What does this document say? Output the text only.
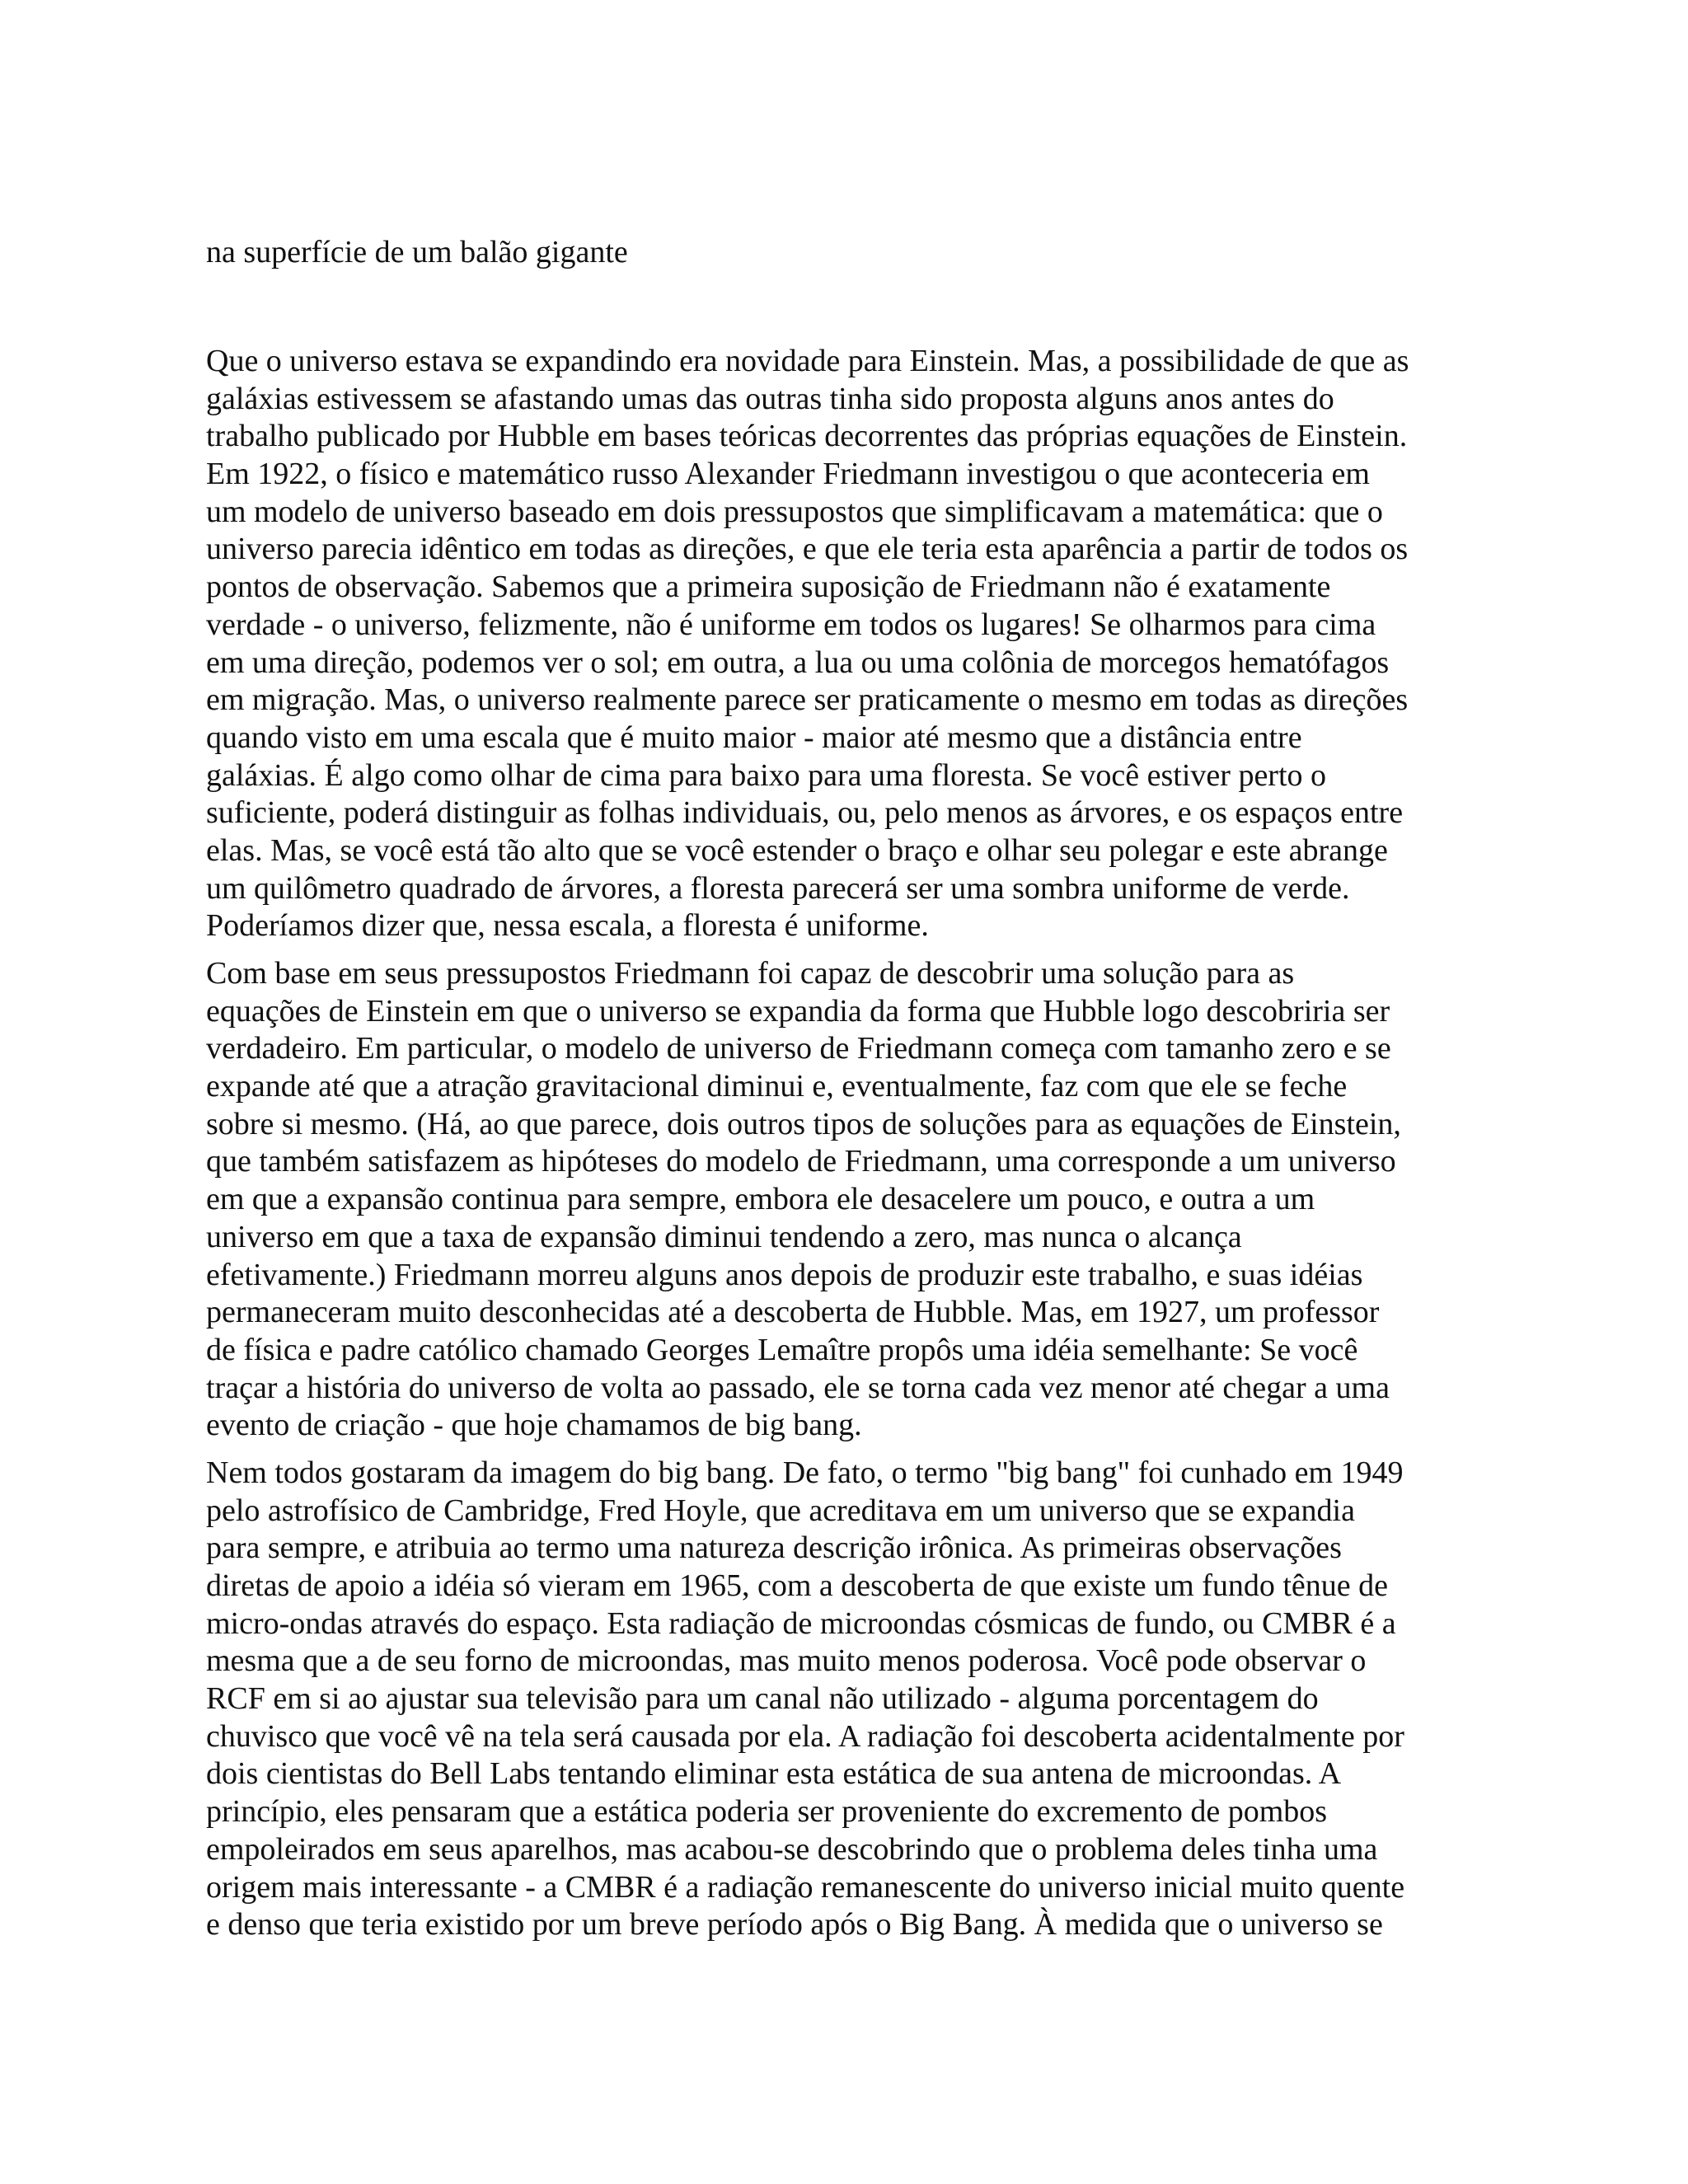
na superfície de um balão gigante

Que o universo estava se expandindo era novidade para Einstein. Mas, a possibilidade de que as
galáxias estivessem se afastando umas das outras tinha sido proposta alguns anos antes do
trabalho publicado por Hubble em bases teóricas decorrentes das próprias equações de Einstein.
Em 1922, o físico e matemático russo Alexander Friedmann investigou o que aconteceria em
um modelo de universo baseado em dois pressupostos que simplificavam a matemática: que o
universo parecia idêntico em todas as direções, e que ele teria esta aparência a partir de todos os
pontos de observação. Sabemos que a primeira suposição de Friedmann não é exatamente
verdade - o universo, felizmente, não é uniforme em todos os lugares! Se olharmos para cima
em uma direção, podemos ver o sol; em outra, a lua ou uma colônia de morcegos hematófagos
em migração. Mas, o universo realmente parece ser praticamente o mesmo em todas as direções
quando visto em uma escala que é muito maior - maior até mesmo que a distância entre
galáxias. É algo como olhar de cima para baixo para uma floresta. Se você estiver perto o
suficiente, poderá distinguir as folhas individuais, ou, pelo menos as árvores, e os espaços entre
elas. Mas, se você está tão alto que se você estender o braço e olhar seu polegar e este abrange
um quilômetro quadrado de árvores, a floresta parecerá ser uma sombra uniforme de verde.
Poderíamos dizer que, nessa escala, a floresta é uniforme.
Com base em seus pressupostos Friedmann foi capaz de descobrir uma solução para as
equações de Einstein em que o universo se expandia da forma que Hubble logo descobriria ser
verdadeiro. Em particular, o modelo de universo de Friedmann começa com tamanho zero e se
expande até que a atração gravitacional diminui e, eventualmente, faz com que ele se feche
sobre si mesmo. (Há, ao que parece, dois outros tipos de soluções para as equações de Einstein,
que também satisfazem as hipóteses do modelo de Friedmann, uma corresponde a um universo
em que a expansão continua para sempre, embora ele desacelere um pouco, e outra a um
universo em que a taxa de expansão diminui tendendo a zero, mas nunca o alcança
efetivamente.) Friedmann morreu alguns anos depois de produzir este trabalho, e suas idéias
permaneceram muito desconhecidas até a descoberta de Hubble. Mas, em 1927, um professor
de física e padre católico chamado Georges Lemaître propôs uma idéia semelhante: Se você
traçar a história do universo de volta ao passado, ele se torna cada vez menor até chegar a uma
evento de criação - que hoje chamamos de big bang.
Nem todos gostaram da imagem do big bang. De fato, o termo "big bang" foi cunhado em 1949
pelo astrofísico de Cambridge, Fred Hoyle, que acreditava em um universo que se expandia
para sempre, e atribuia ao termo uma natureza descrição irônica. As primeiras observações
diretas de apoio a idéia só vieram em 1965, com a descoberta de que existe um fundo tênue de
micro-ondas através do espaço. Esta radiação de microondas cósmicas de fundo, ou CMBR é a
mesma que a de seu forno de microondas, mas muito menos poderosa. Você pode observar o
RCF em si ao ajustar sua televisão para um canal não utilizado - alguma porcentagem do
chuvisco que você vê na tela será causada por ela. A radiação foi descoberta acidentalmente por
dois cientistas do Bell Labs tentando eliminar esta estática de sua antena de microondas. A
princípio, eles pensaram que a estática poderia ser proveniente do excremento de pombos
empoleirados em seus aparelhos, mas acabou-se descobrindo que o problema deles tinha uma
origem mais interessante - a CMBR é a radiação remanescente do universo inicial muito quente
e denso que teria existido por um breve período após o Big Bang. À medida que o universo se
